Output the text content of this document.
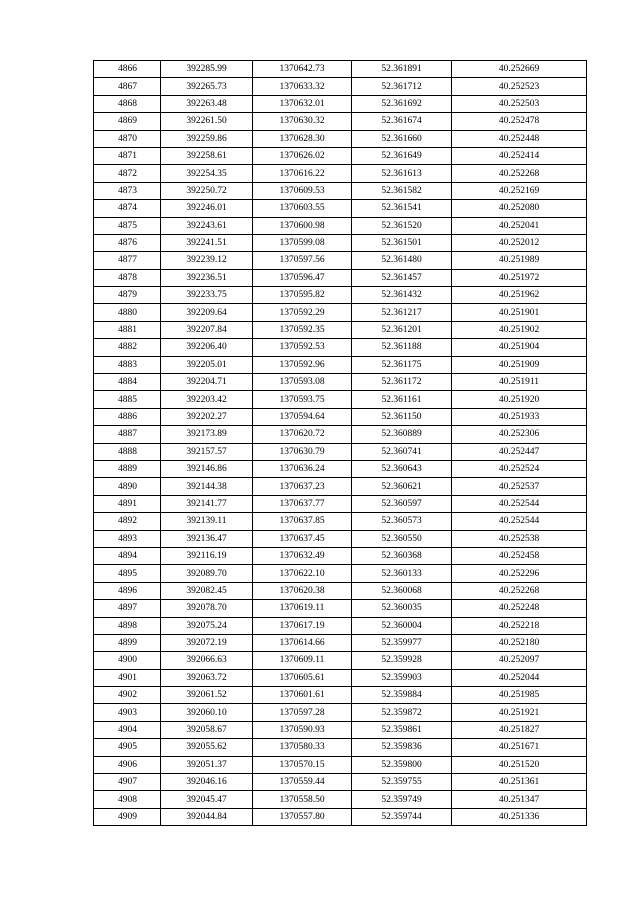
4866	392285.99	1370642.73	52.361891	40.252669
4867	392265.73	1370633.32	52.361712	40.252523
4868	392263.48	1370632.01	52.361692	40.252503
4869	392261.50	1370630.32	52.361674	40.252478
4870	392259.86	1370628.30	52.361660	40.252448
4871	392258.61	1370626.02	52.361649	40.252414
4872	392254.35	1370616.22	52.361613	40.252268
4873	392250.72	1370609.53	52.361582	40.252169
4874	392246.01	1370603.55	52.361541	40.252080
4875	392243.61	1370600.98	52.361520	40.252041
4876	392241.51	1370599.08	52.361501	40.252012
4877	392239.12	1370597.56	52.361480	40.251989
4878	392236.51	1370596.47	52.361457	40.251972
4879	392233.75	1370595.82	52.361432	40.251962
4880	392209.64	1370592.29	52.361217	40.251901
4881	392207.84	1370592.35	52.361201	40.251902
4882	392206.40	1370592.53	52.361188	40.251904
4883	392205.01	1370592.96	52.361175	40.251909
4884	392204.71	1370593.08	52.361172	40.251911
4885	392203.42	1370593.75	52.361161	40.251920
4886	392202.27	1370594.64	52.361150	40.251933
4887	392173.89	1370620.72	52.360889	40.252306
4888	392157.57	1370630.79	52.360741	40.252447
4889	392146.86	1370636.24	52.360643	40.252524
4890	392144.38	1370637.23	52.360621	40.252537
4891	392141.77	1370637.77	52.360597	40.252544
4892	392139.11	1370637.85	52.360573	40.252544
4893	392136.47	1370637.45	52.360550	40.252538
4894	392116.19	1370632.49	52.360368	40.252458
4895	392089.70	1370622.10	52.360133	40.252296
4896	392082.45	1370620.38	52.360068	40.252268
4897	392078.70	1370619.11	52.360035	40.252248
4898	392075.24	1370617.19	52.360004	40.252218
4899	392072.19	1370614.66	52.359977	40.252180
4900	392066.63	1370609.11	52.359928	40.252097
4901	392063.72	1370605.61	52.359903	40.252044
4902	392061.52	1370601.61	52.359884	40.251985
4903	392060.10	1370597.28	52.359872	40.251921
4904	392058.67	1370590.93	52.359861	40.251827
4905	392055.62	1370580.33	52.359836	40.251671
4906	392051.37	1370570.15	52.359800	40.251520
4907	392046.16	1370559.44	52.359755	40.251361
4908	392045.47	1370558.50	52.359749	40.251347
4909	392044.84	1370557.80	52.359744	40.251336
